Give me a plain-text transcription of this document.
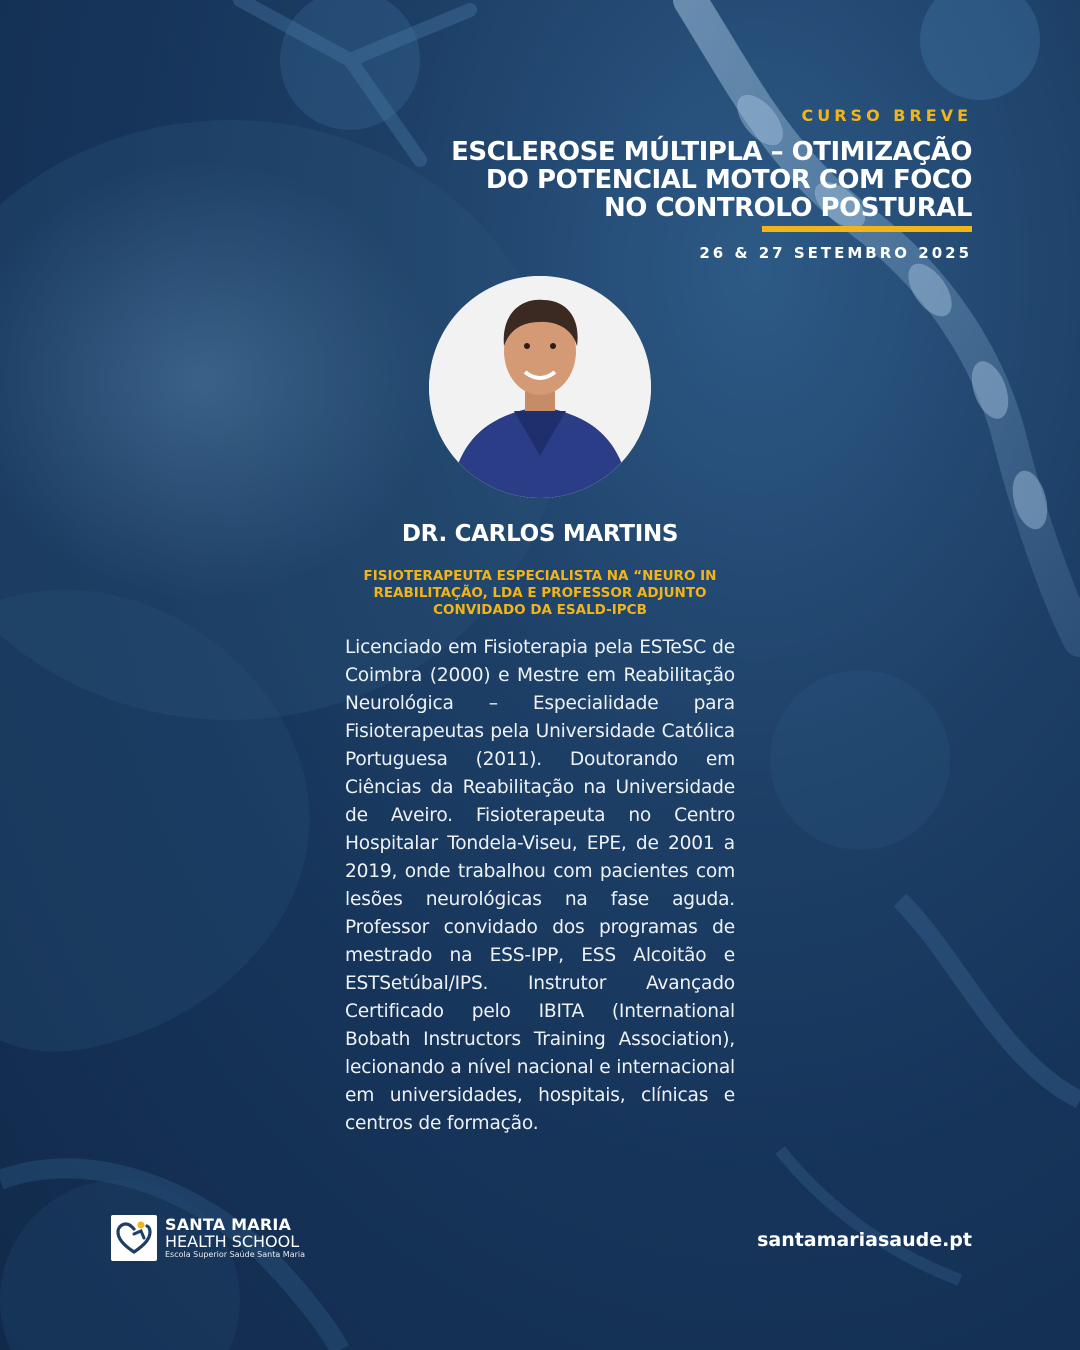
CURSO BREVE
ESCLEROSE MÚLTIPLA – OTIMIZAÇÃO
DO POTENCIAL MOTOR COM FOCO
NO CONTROLO POSTURAL
26 & 27 SETEMBRO 2025
DR. CARLOS MARTINS
FISIOTERAPEUTA ESPECIALISTA NA “NEURO IN REABILITAÇÃO, LDA E PROFESSOR ADJUNTO CONVIDADO DA ESALD-IPCB
Licenciado em Fisioterapia pela ESTeSC de Coimbra (2000) e Mestre em Reabilitação Neurológica – Especialidade para Fisioterapeutas pela Universidade Católica Portuguesa (2011). Doutorando em Ciências da Reabilitação na Universidade de Aveiro. Fisioterapeuta no Centro Hospitalar Tondela-Viseu, EPE, de 2001 a 2019, onde trabalhou com pacientes com lesões neurológicas na fase aguda. Professor convidado dos programas de mestrado na ESS-IPP, ESS Alcoitão e ESTSetúbal/IPS. Instrutor Avançado Certificado pelo IBITA (International Bobath Instructors Training Association), lecionando a nível nacional e internacional em universidades, hospitais, clínicas e centros de formação.
SANTA MARIA
HEALTH SCHOOL
Escola Superior Saúde Santa Maria
santamariasaude.pt
